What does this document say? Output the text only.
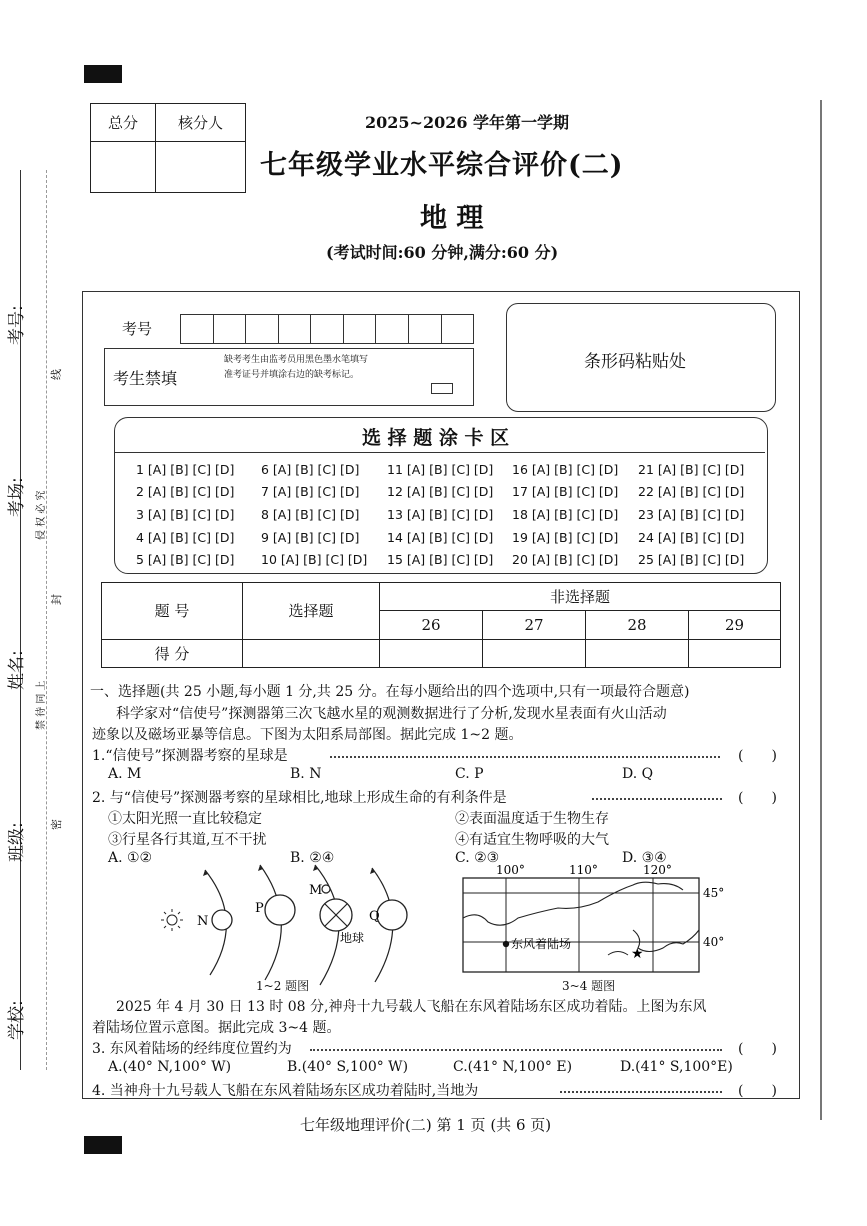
考号:
考场:
姓名:
班级:
学校:
线
侵 权 必 究
封
禁 待 同 上
密
总分	核分人
		2025~2026 学年第一学期
七年级学业水平综合评价(二)
地 理
(考试时间:60 分钟,满分:60 分)
考号
考生禁填
缺考考生由监考员用黑色墨水笔填写准考证号并填涂右边的缺考标记。
条形码粘贴处
选 择 题 涂 卡 区
1 [A] [B] [C] [D]	6 [A] [B] [C] [D]	11 [A] [B] [C] [D]	16 [A] [B] [C] [D]	21 [A] [B] [C] [D]
2 [A] [B] [C] [D]	7 [A] [B] [C] [D]	12 [A] [B] [C] [D]	17 [A] [B] [C] [D]	22 [A] [B] [C] [D]
3 [A] [B] [C] [D]	8 [A] [B] [C] [D]	13 [A] [B] [C] [D]	18 [A] [B] [C] [D]	23 [A] [B] [C] [D]
4 [A] [B] [C] [D]	9 [A] [B] [C] [D]	14 [A] [B] [C] [D]	19 [A] [B] [C] [D]	24 [A] [B] [C] [D]
5 [A] [B] [C] [D]	10 [A] [B] [C] [D]	15 [A] [B] [C] [D]	20 [A] [B] [C] [D]	25 [A] [B] [C] [D]
题 号	选择题	非选择题			
		26	27	28	29
得 分					
一、选择题(共 25 小题,每小题 1 分,共 25 分。在每小题给出的四个选项中,只有一项最符合题意)
科学家对“信使号”探测器第三次飞越水星的观测数据进行了分析,发现水星表面有火山活动
迹象以及磁场亚暴等信息。下图为太阳系局部图。据此完成 1~2 题。
1.“信使号”探测器考察的星球是	(　　)
A. M	B. N	C. P	D. Q
2. 与“信使号”探测器考察的星球相比,地球上形成生命的有利条件是	(　　)
①太阳光照一直比较稳定	②表面温度适于生物生存
③行星各行其道,互不干扰	④有适宜生物呼吸的大气
A. ①②	B. ②④	C. ②③	D. ③④
N
P
M
Q
地球
1~2 题图
★
东风着陆场
100°	110°	120°
45°
40°
3~4 题图
2025 年 4 月 30 日 13 时 08 分,神舟十九号载人飞船在东风着陆场东区成功着陆。上图为东风
着陆场位置示意图。据此完成 3~4 题。
3. 东风着陆场的经纬度位置约为	(　　)
A.(40° N,100° W)	B.(40° S,100° W)	C.(41° N,100° E)	D.(41° S,100°E)
4. 当神舟十九号载人飞船在东风着陆场东区成功着陆时,当地为	(　　)
七年级地理评价(二) 第 1 页 (共 6 页)
